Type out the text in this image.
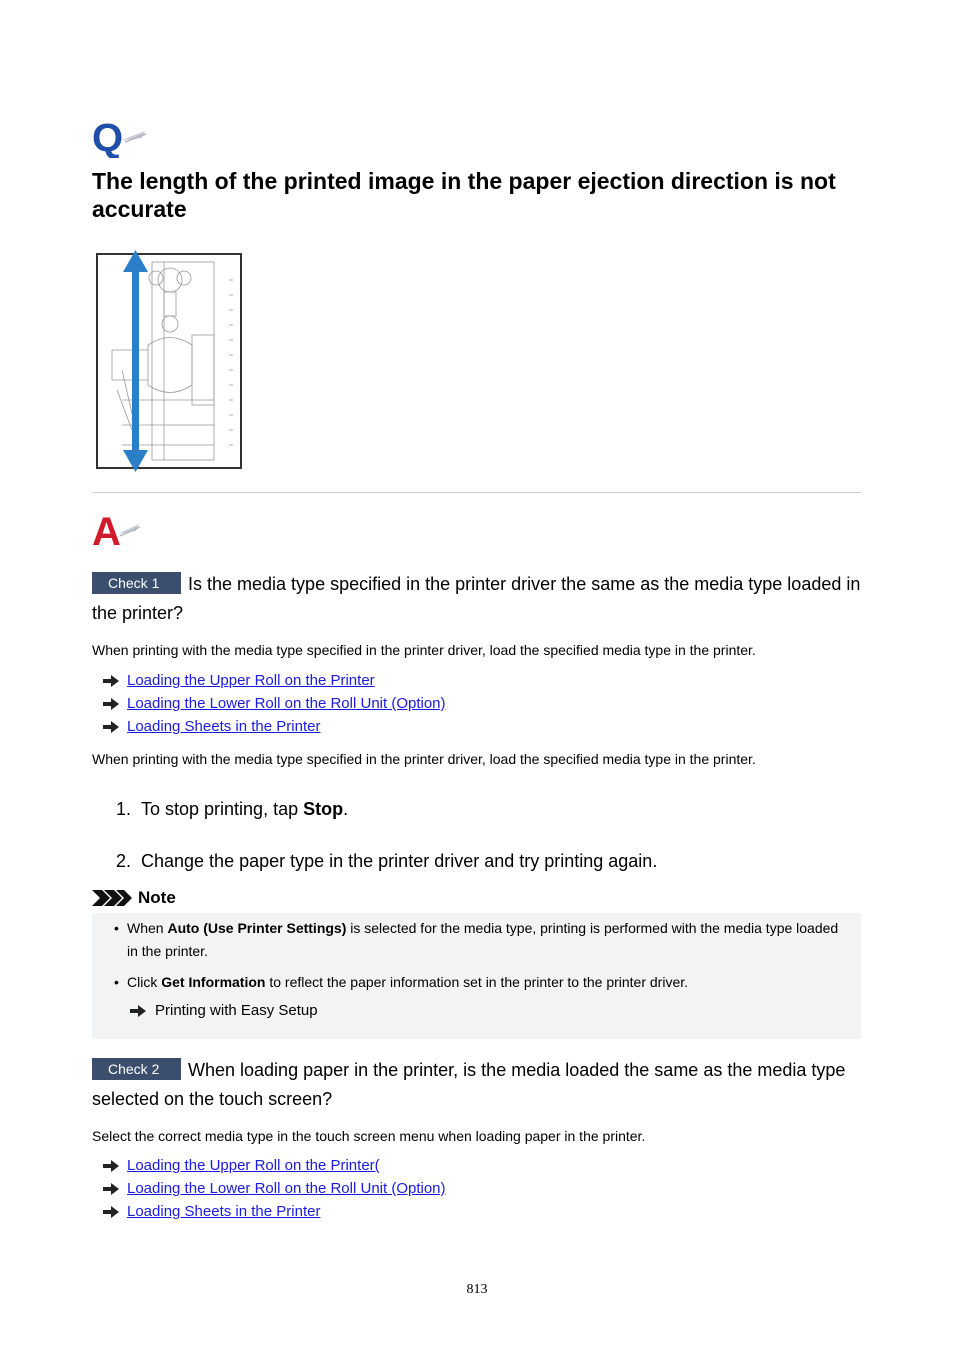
Q
The length of the printed image in the paper ejection direction is not accurate
A
Check 1 Is the media type specified in the printer driver the same as the media type loaded in the printer?

When printing with the media type specified in the printer driver, load the specified media type in the printer.

Loading the Upper Roll on the Printer
Loading the Lower Roll on the Roll Unit (Option)
Loading Sheets in the Printer

When printing with the media type specified in the printer driver, load the specified media type in the printer.

1. To stop printing, tap Stop.
2. Change the paper type in the printer driver and try printing again.
Note
• When Auto (Use Printer Settings) is selected for the media type, printing is performed with the media type loaded in the printer.
• Click Get Information to reflect the paper information set in the printer to the printer driver.
Printing with Easy Setup
Check 2 When loading paper in the printer, is the media loaded the same as the media type selected on the touch screen?

Select the correct media type in the touch screen menu when loading paper in the printer.

Loading the Upper Roll on the Printer(
Loading the Lower Roll on the Roll Unit (Option)
Loading Sheets in the Printer
813
